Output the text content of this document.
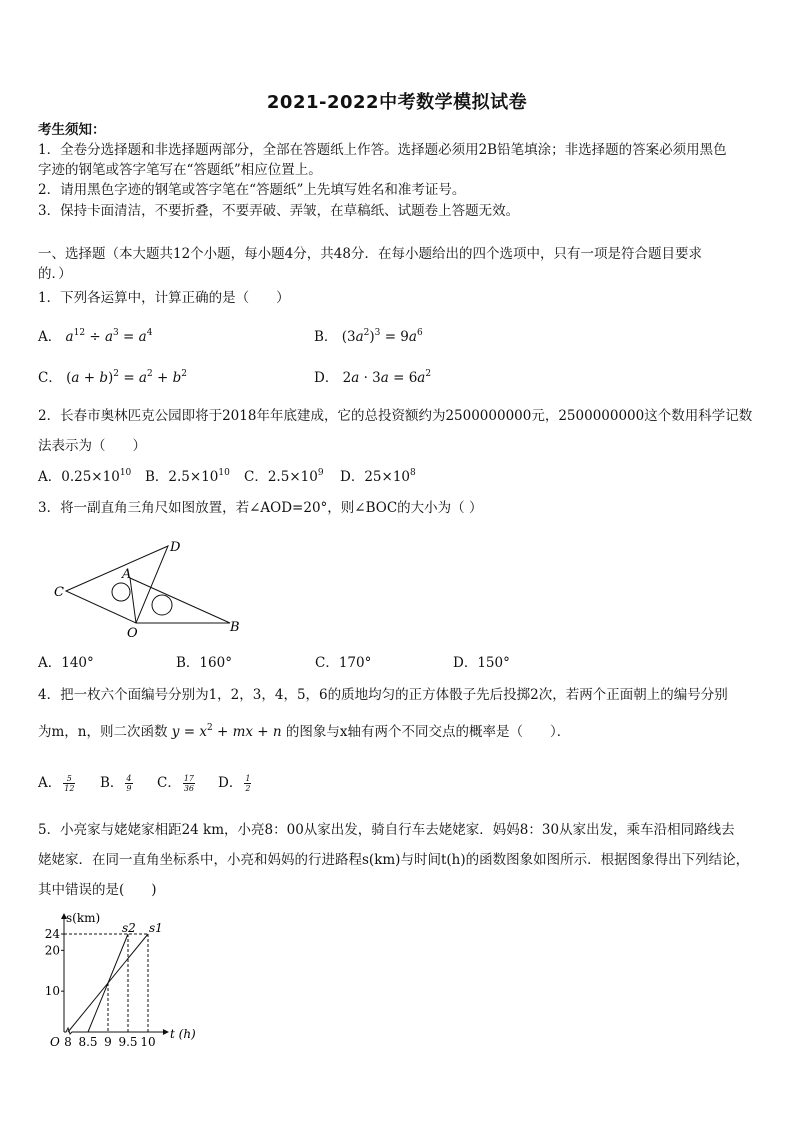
2021-2022中考数学模拟试卷
考生须知：
1．全卷分选择题和非选择题两部分，全部在答题纸上作答。选择题必须用2B铅笔填涂；非选择题的答案必须用黑色
字迹的钢笔或答字笔写在“答题纸”相应位置上。
2．请用黑色字迹的钢笔或答字笔在“答题纸”上先填写姓名和准考证号。
3．保持卡面清洁，不要折叠，不要弄破、弄皱，在草稿纸、试题卷上答题无效。
一、选择题（本大题共12个小题，每小题4分，共48分．在每小题给出的四个选项中，只有一项是符合题目要求
的．）
1．下列各运算中，计算正确的是（　　）
A． $a^{12} \div a^3 = a^4$	B． $(3a^2)^3 = 9a^6$
C． $(a + b)^2 = a^2 + b^2$	D． $2a \cdot 3a = 6a^2$
2．长春市奥林匹克公园即将于2018年年底建成，它的总投资额约为2500000000元，2500000000这个数用科学记数
法表示为（　　）
A．$0.25\times 10^{10}$ B．$2.5\times 10^{10}$ C．$2.5\times 10^9$ D．$25\times 10^8$
3．将一副直角三角尺如图放置，若∠AOD=20°，则∠BOC的大小为（ ）
C
A
D
O	B
A．140°	B．160°	C．170°	D．150°
4．把一枚六个面编号分别为1，2，3，4，5，6的质地均匀的正方体骰子先后投掷2次，若两个正面朝上的编号分别
为m，n，则二次函数 $y = x^2$ + mx + n 的图象与x轴有两个不同交点的概率是（　　）．
A． $\frac{5}{12}$ B． $\frac{4}{9}$ C． $\frac{17}{36}$ D． $\frac{1}{2}$
5．小亮家与姥姥家相距24 km，小亮8：00从家出发，骑自行车去姥姥家．妈妈8：30从家出发，乘车沿相同路线去
姥姥家．在同一直角坐标系中，小亮和妈妈的行进路程s(km)与时间t(h)的函数图象如图所示．根据图象得出下列结论，
其中错误的是(　　)
10
20
24
8 8.5 9 9.5 10
s1
s2
s(km)
t (h)
O
